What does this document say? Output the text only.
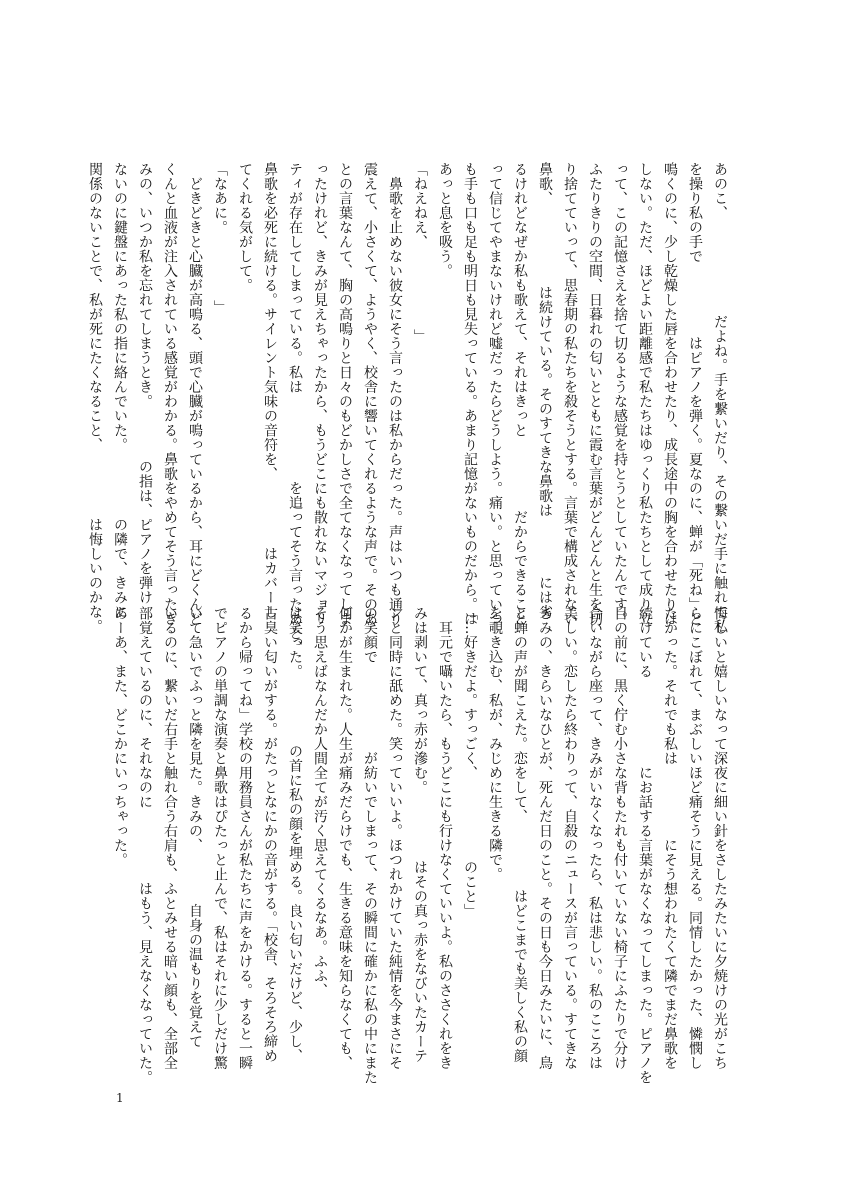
あのこ、　　　　　　　だよね。手を繋いだり、その繋いだ手に触れて私

を操り私の手で　　　　　はピアノを弾く。夏なのに、蝉が「死ね」と

鳴くのに、少し乾燥した唇を合わせたり、成長途中の胸を合わせたりは

しない。ただ、ほどよい距離感で私たちはゆっくり私たちとして成り立

って、この記憶さえを捨て切るような感覚を持とうとしていたんです。

ふたりきりの空間、日暮れの匂いとともに霞む言葉がどんどんと生を切

り捨てていって、思春期の私たちを殺そうとする。言葉で構成されない

鼻歌、　　　　　　は続けている。そのすてきな鼻歌は　　　　には劣

るけれどなぜか私も歌えて、それはきっと　　　　　だからできること

って信じてやまないけれど嘘だったらどうしよう。痛い。と思っていつ

も手も口も足も明日も見失っている。あまり記憶がないものだから。は

あっと息を吸う。

「ねえねえ、　　　　　　」

　鼻歌を止めない彼女にそう言ったのは私からだった。声はいつも通り

震えて、小さくて、ようやく、校舎に響いてくれるような声で。そのあ

との言葉なんて、胸の高鳴りと日々のもどかしさで全てなくなってしま

ったけれど、きみが見えちゃったから、もうどこにも散れないマジョリ

ティが存在してしまっている。私は　　　　　　を追ってそう言ったあと、

鼻歌を必死に続ける。サイレント気味の音符を、　　　　　はカバーし

てくれる気がして。

「なあに。　　　　　」

　どきどきと心臓が高鳴る、頭で心臓が鳴っているから、耳にどくんど

くんと血液が注入されている感覚がわかる。鼻歌をやめてそう言ったき

みの、いつか私を忘れてしまうとき。　　　　の指は、ピアノを弾け

ないのに鍵盤にあった私の指に絡んでいた。　　　　　の隣で、きみに

関係のないことで、私が死にたくなること、　　　　　は悔しいのかな。

悔しいと嬉しいなって深夜に細い針をさしたみたいに夕焼けの光がこち

らにこぼれて、まぶしいほど痛そうに見える。同情したかった、憐憫し

たかった。それでも私は　　　　　にそう想われたくて隣でまだ鼻歌を

続けている　　　　　　にお話する言葉がなくなってしまった。ピアノを

目の前に、黒く佇む小さな背もたれも付いていない椅子にふたりで分け

合いながら座って、きみがいなくなったら、私は悲しい。私のこころは

美しい。恋したら終わりって、自殺のニュースが言っている。すてきな

きみの、きらいなひとが、死んだ日のこと。その日も今日みたいに、鳥

と蝉の声が聞こえた。恋をして、　　　　　はどこまでも美しく私の顔

を覗き込む、私が、みじめに生きる隣で。

「…好きだよ。すっごく、　　　　　　のこと」

　耳元で囁いたら、もうどこにも行けなくていいよ。私のささくれをき

みは剥いて、真っ赤が滲む。　　　　　はその真っ赤をなびいたカーテ

ンと同時に舐めた。笑っていいよ。ほつれかけていた純情を今まさにそ

の笑顔で　　　　　　が紡いでしまって、その瞬間に確かに私の中にまた

何かが生まれた。人生が痛みだらけでも、生きる意味を知らなくても、

そう思えばなんだか人間全てが汚く思えてくるなあ。ふふ、

は笑った。　　　　　の首に私の顔を埋める。良い匂いだけど、少し、

古臭い匂いがする。がたっとなにかの音がする。「校舎、そろそろ締め

るから帰ってね」学校の用務員さんが私たちに声をかける。すると一瞬

でピアノの単調な演奏と鼻歌はぴたっと止んで、私はそれに少しだけ驚

いて急いでふっと隣を見た。きみの、　　　　自身の温もりを覚えて

いるのに、繋いだ右手と触れ合う右肩も、ふとみせる暗い顔も、全部全

部覚えているのに、それなのに　　　　　はもう、見えなくなっていた。

あーあ、また、どこかにいっちゃった。

1
